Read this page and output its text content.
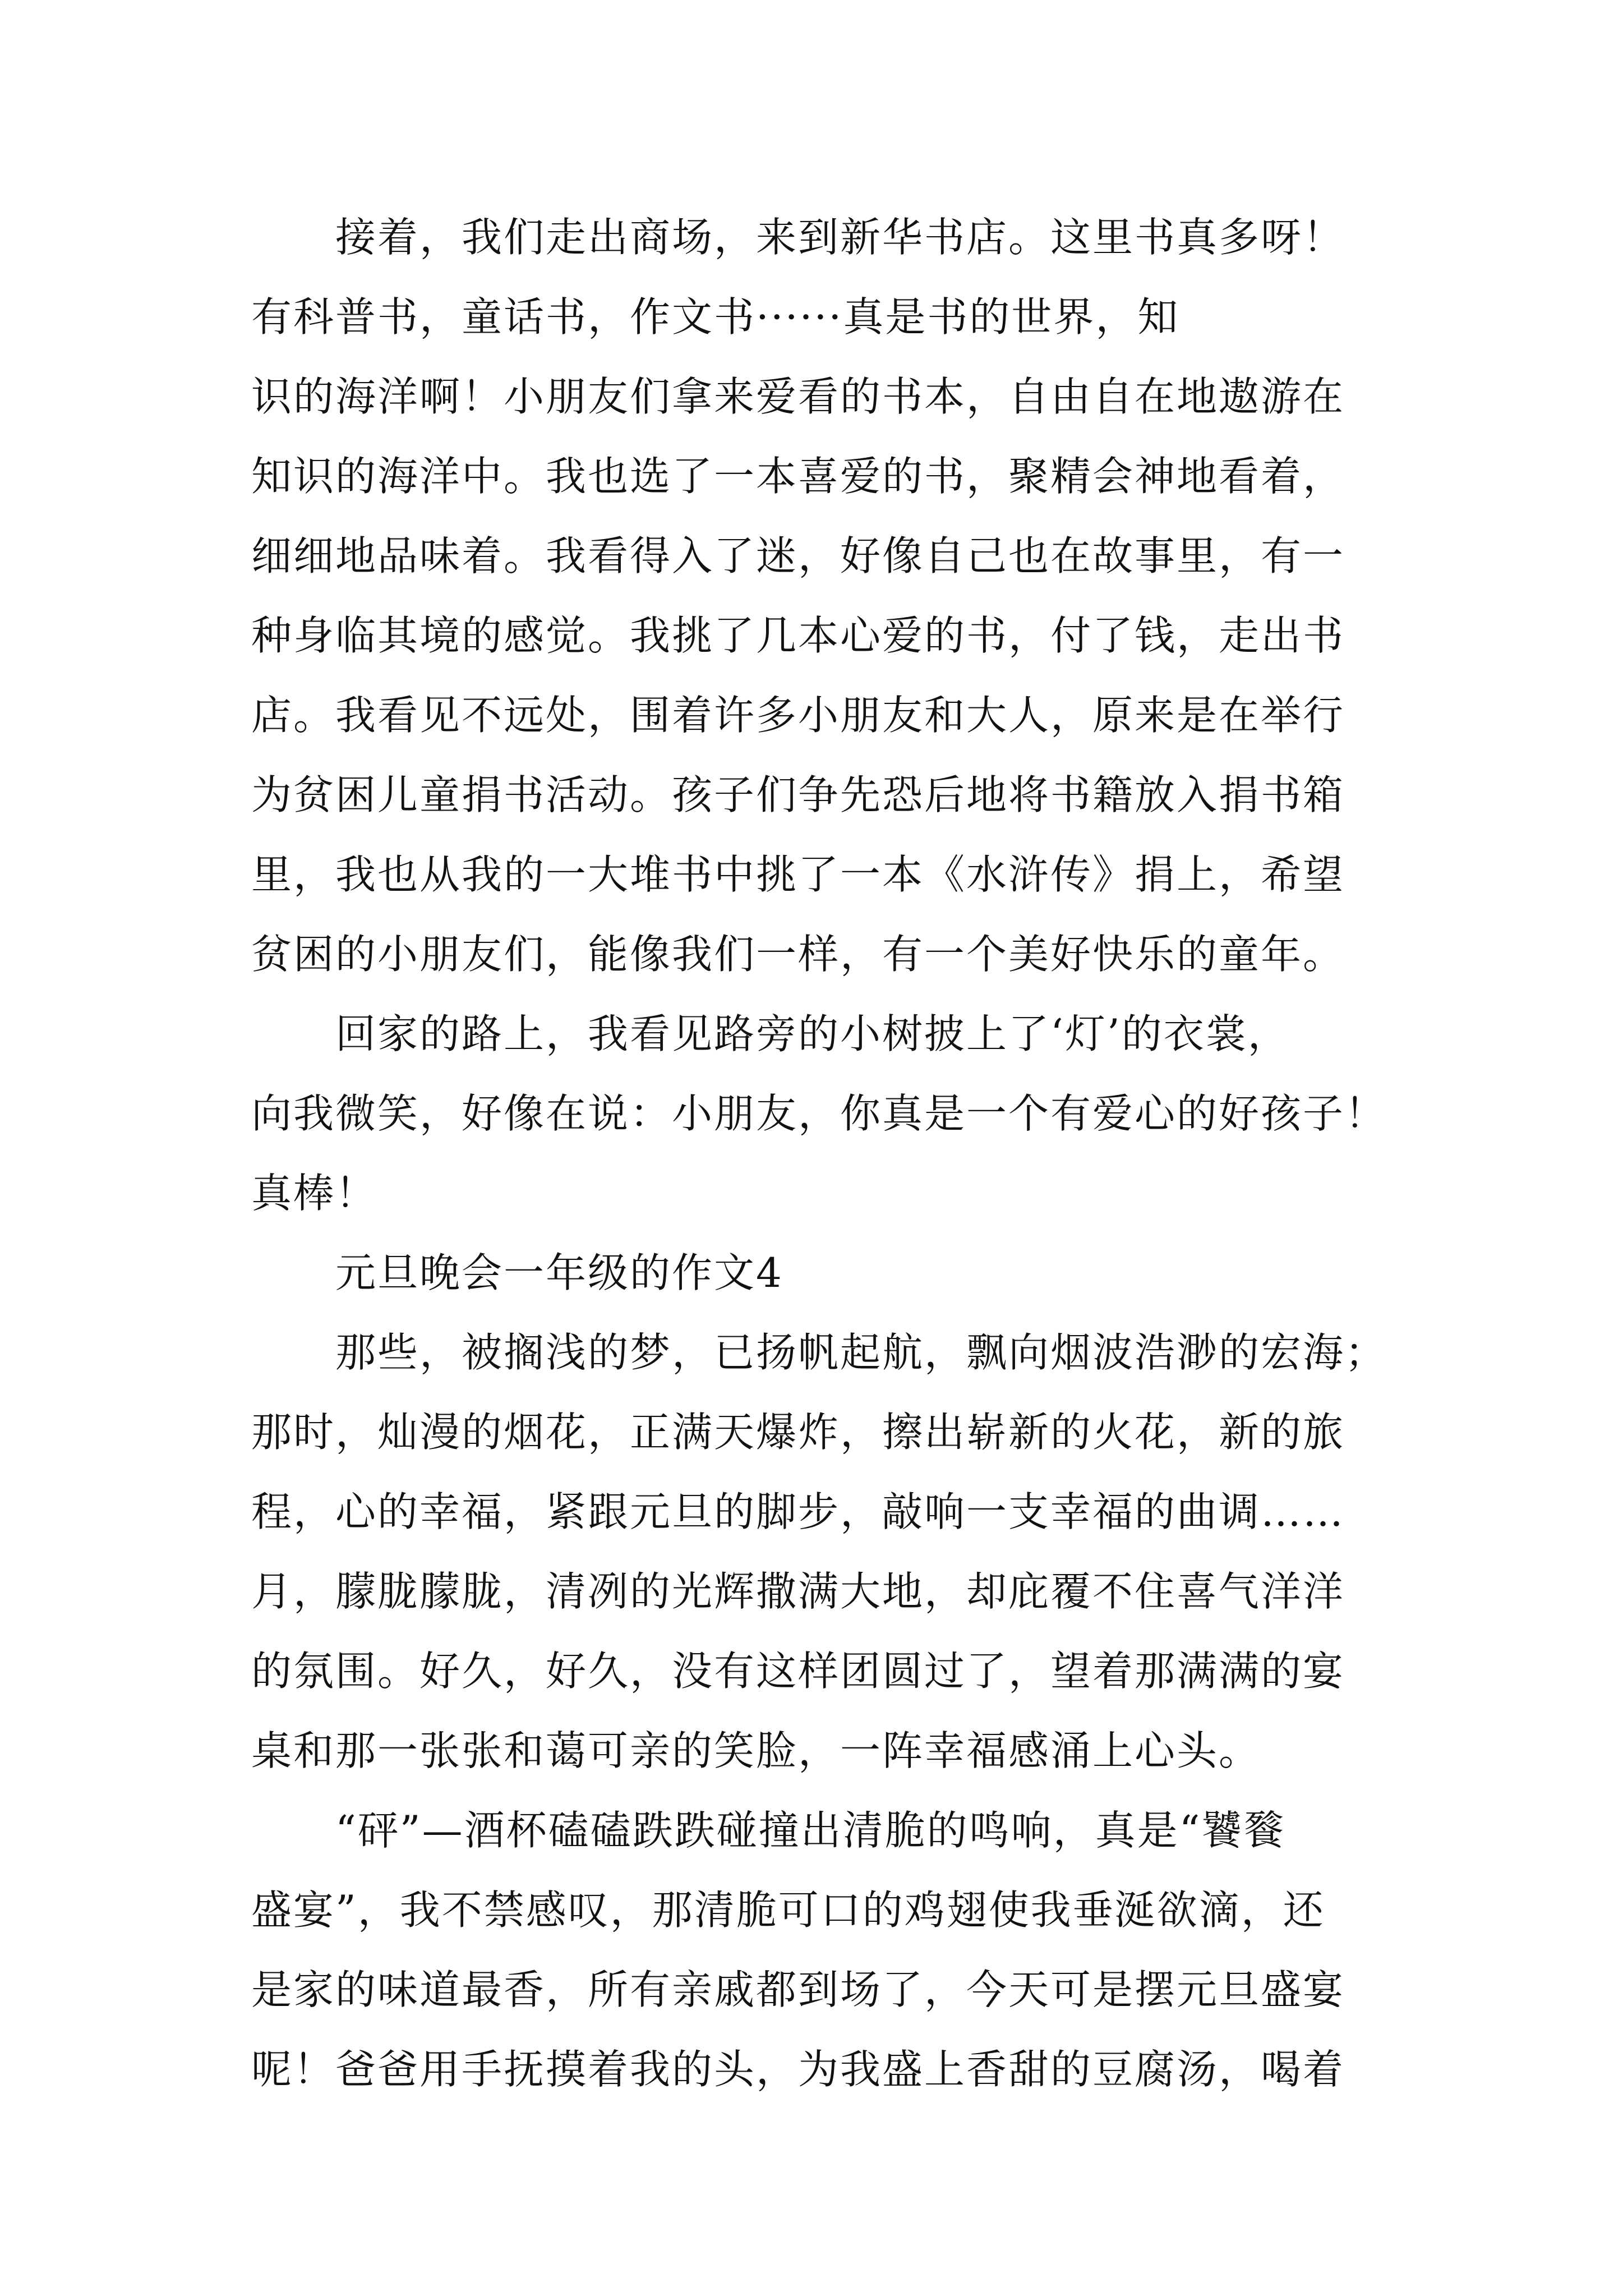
接着，我们走出商场，来到新华书店。这里书真多呀！
有科普书，童话书，作文书······真是书的世界，知
识的海洋啊！小朋友们拿来爱看的书本，自由自在地遨游在
知识的海洋中。我也选了一本喜爱的书，聚精会神地看着，
细细地品味着。我看得入了迷，好像自己也在故事里，有一
种身临其境的感觉。我挑了几本心爱的书，付了钱，走出书
店。我看见不远处，围着许多小朋友和大人，原来是在举行
为贫困儿童捐书活动。孩子们争先恐后地将书籍放入捐书箱
里，我也从我的一大堆书中挑了一本《水浒传》捐上，希望
贫困的小朋友们，能像我们一样，有一个美好快乐的童年。
回家的路上，我看见路旁的小树披上了‘灯’的衣裳，
向我微笑，好像在说：小朋友，你真是一个有爱心的好孩子！
真棒！
元旦晚会一年级的作文4
那些，被搁浅的梦，已扬帆起航，飘向烟波浩渺的宏海；
那时，灿漫的烟花，正满天爆炸，擦出崭新的火花，新的旅
程，心的幸福，紧跟元旦的脚步，敲响一支幸福的曲调……
月，朦胧朦胧，清冽的光辉撒满大地，却庇覆不住喜气洋洋
的氛围。好久，好久，没有这样团圆过了，望着那满满的宴
桌和那一张张和蔼可亲的笑脸，一阵幸福感涌上心头。
“砰”—酒杯磕磕跌跌碰撞出清脆的鸣响，真是“饕餮
盛宴”，我不禁感叹，那清脆可口的鸡翅使我垂涎欲滴，还
是家的味道最香，所有亲戚都到场了，今天可是摆元旦盛宴
呢！爸爸用手抚摸着我的头，为我盛上香甜的豆腐汤，喝着
